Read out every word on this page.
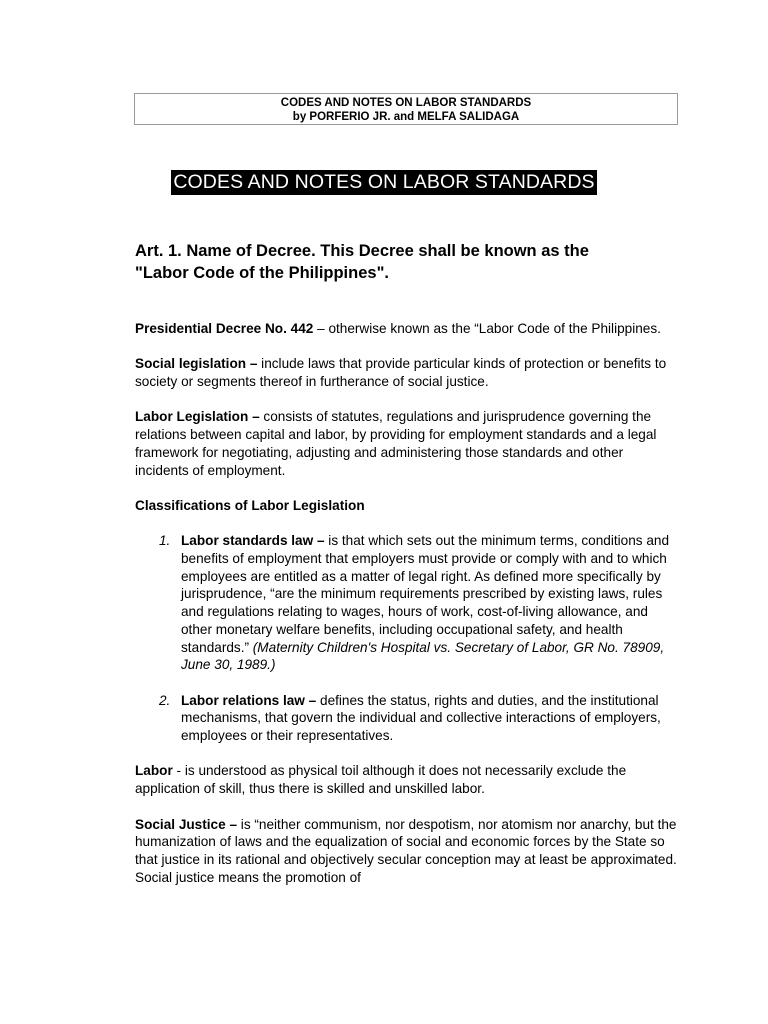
CODES AND NOTES ON LABOR STANDARDS
by PORFERIO JR. and MELFA SALIDAGA
CODES AND NOTES ON LABOR STANDARDS
Art. 1. Name of Decree. This Decree shall be known as the
"Labor Code of the Philippines".

Presidential Decree No. 442 – otherwise known as the “Labor Code of the Philippines.

Social legislation – include laws that provide particular kinds of protection or benefits to society or segments thereof in furtherance of social justice.

Labor Legislation – consists of statutes, regulations and jurisprudence governing the relations between capital and labor, by providing for employment standards and a legal framework for negotiating, adjusting and administering those standards and other incidents of employment.

Classifications of Labor Legislation

1. Labor standards law – is that which sets out the minimum terms, conditions and benefits of employment that employers must provide or comply with and to which employees are entitled as a matter of legal right. As defined more specifically by jurisprudence, “are the minimum requirements prescribed by existing laws, rules and regulations relating to wages, hours of work, cost-of-living allowance, and other monetary welfare benefits, including occupational safety, and health standards.” (Maternity Children's Hospital vs. Secretary of Labor, GR No. 78909, June 30, 1989.)
2. Labor relations law – defines the status, rights and duties, and the institutional mechanisms, that govern the individual and collective interactions of employers, employees or their representatives.

Labor - is understood as physical toil although it does not necessarily exclude the application of skill, thus there is skilled and unskilled labor.

Social Justice – is “neither communism, nor despotism, nor atomism nor anarchy, but the humanization of laws and the equalization of social and economic forces by the State so that justice in its rational and objectively secular conception may at least be approximated. Social justice means the promotion of
